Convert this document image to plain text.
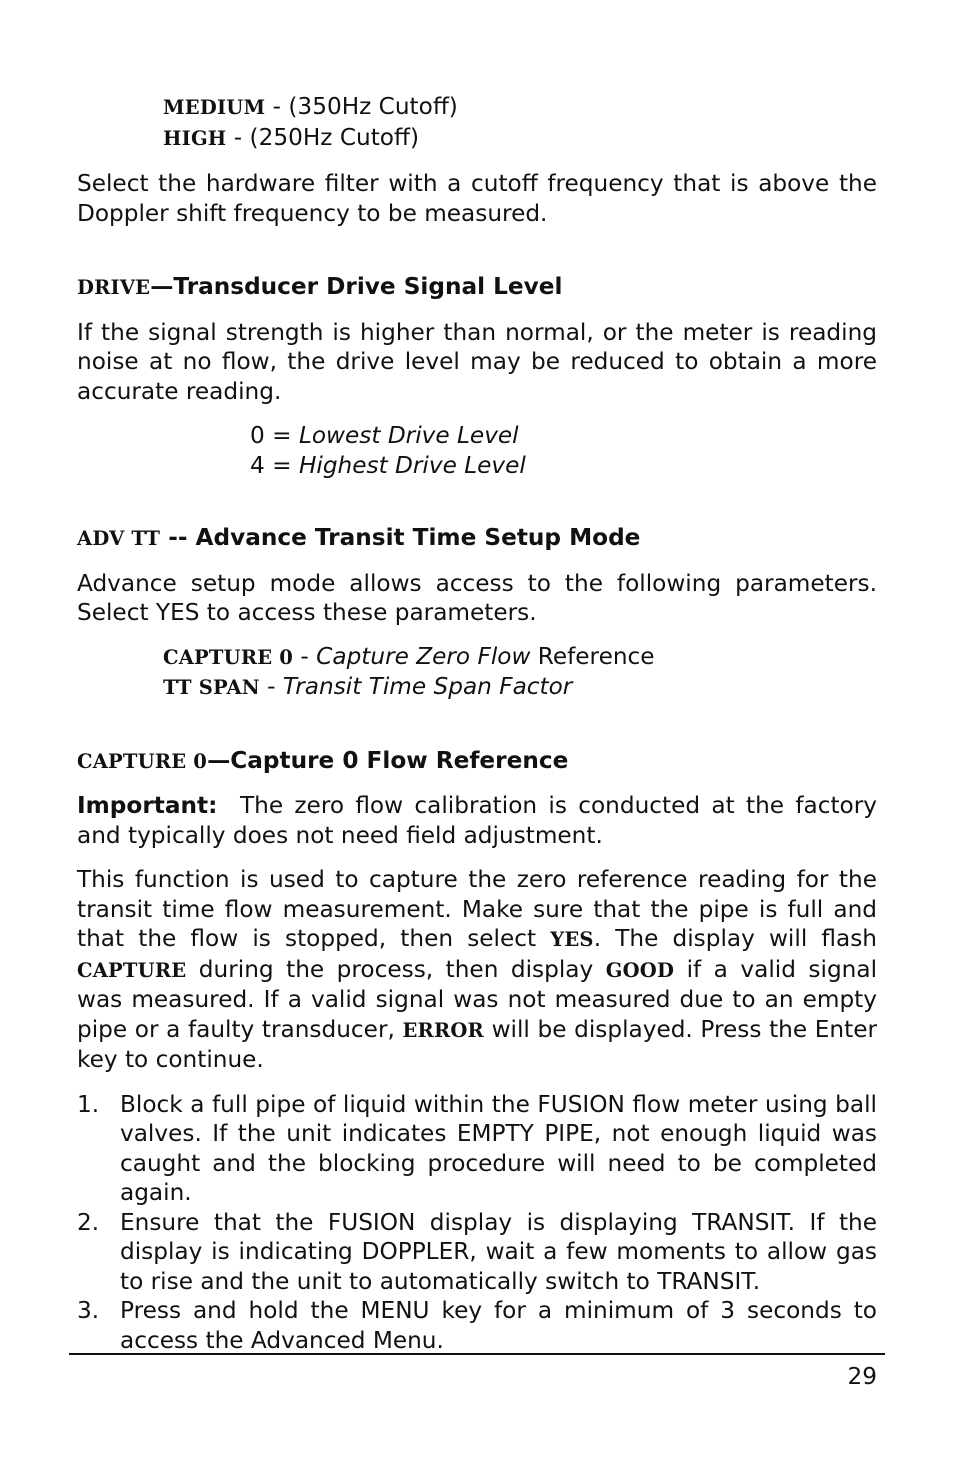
MEDIUM - (350Hz Cutoff)

HIGH - (250Hz Cutoff)

Select the hardware filter with a cutoff frequency that is above the Doppler shift frequency to be measured.

DRIVE—Transducer Drive Signal Level

If the signal strength is higher than normal, or the meter is reading noise at no flow, the drive level may be reduced to obtain a more accurate reading.

0 = Lowest Drive Level

4 = Highest Drive Level

ADV TT -- Advance Transit Time Setup Mode

Advance setup mode allows access to the following parameters. Select YES to access these parameters.

CAPTURE 0 - Capture Zero Flow Reference

TT SPAN - Transit Time Span Factor

CAPTURE 0—Capture 0 Flow Reference

Important:  The zero flow calibration is conducted at the factory and typically does not need field adjustment.

This function is used to capture the zero reference reading for the transit time flow measurement. Make sure that the pipe is full and that the flow is stopped, then select YES. The display will flash CAPTURE during the process, then display GOOD if a valid signal was measured. If a valid signal was not measured due to an empty pipe or a faulty transducer, ERROR will be displayed. Press the Enter key to continue.

1. Block a full pipe of liquid within the FUSION flow meter using ball valves. If the unit indicates EMPTY PIPE, not enough liquid was caught and the blocking procedure will need to be completed again.
2. Ensure that the FUSION display is displaying TRANSIT. If the display is indicating DOPPLER, wait a few moments to allow gas to rise and the unit to automatically switch to TRANSIT.
3. Press and hold the MENU key for a minimum of 3 seconds to access the Advanced Menu.
29
